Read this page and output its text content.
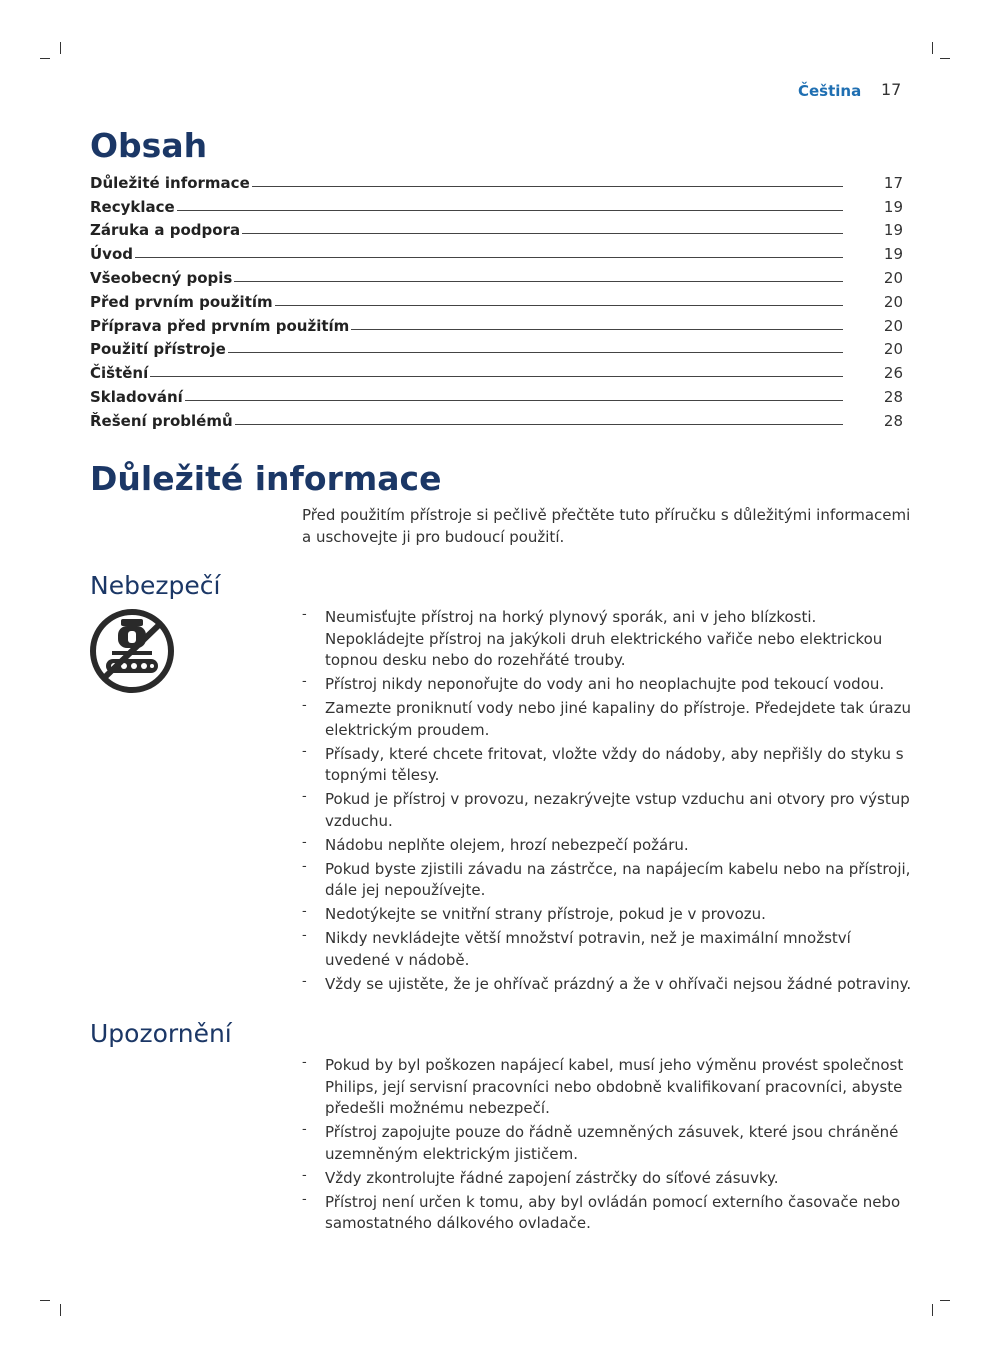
Čeština 17
Obsah
Důležité informace	17
Recyklace	19
Záruka a podpora	19
Úvod	19
Všeobecný popis	20
Před prvním použitím	20
Příprava před prvním použitím	20
Použití přístroje	20
Čištění	26
Skladování	28
Řešení problémů	28
Důležité informace
Před použitím přístroje si pečlivě přečtěte tuto příručku s důležitými informacemi a uschovejte ji pro budoucí použití.
Nebezpečí
- Neumisťujte přístroj na horký plynový sporák, ani v jeho blízkosti. Nepokládejte přístroj na jakýkoli druh elektrického vařiče nebo elektrickou topnou desku nebo do rozehřáté trouby.
- Přístroj nikdy neponořujte do vody ani ho neoplachujte pod tekoucí vodou.
- Zamezte proniknutí vody nebo jiné kapaliny do přístroje. Předejdete tak úrazu elektrickým proudem.
- Přísady, které chcete fritovat, vložte vždy do nádoby, aby nepřišly do styku s topnými tělesy.
- Pokud je přístroj v provozu, nezakrývejte vstup vzduchu ani otvory pro výstup vzduchu.
- Nádobu neplňte olejem, hrozí nebezpečí požáru.
- Pokud byste zjistili závadu na zástrčce, na napájecím kabelu nebo na přístroji, dále jej nepoužívejte.
- Nedotýkejte se vnitřní strany přístroje, pokud je v provozu.
- Nikdy nevkládejte větší množství potravin, než je maximální množství uvedené v nádobě.
- Vždy se ujistěte, že je ohřívač prázdný a že v ohřívači nejsou žádné potraviny.
Upozornění
- Pokud by byl poškozen napájecí kabel, musí jeho výměnu provést společnost Philips, její servisní pracovníci nebo obdobně kvalifikovaní pracovníci, abyste předešli možnému nebezpečí.
- Přístroj zapojujte pouze do řádně uzemněných zásuvek, které jsou chráněné uzemněným elektrickým jističem.
- Vždy zkontrolujte řádné zapojení zástrčky do síťové zásuvky.
- Přístroj není určen k tomu, aby byl ovládán pomocí externího časovače nebo samostatného dálkového ovladače.
